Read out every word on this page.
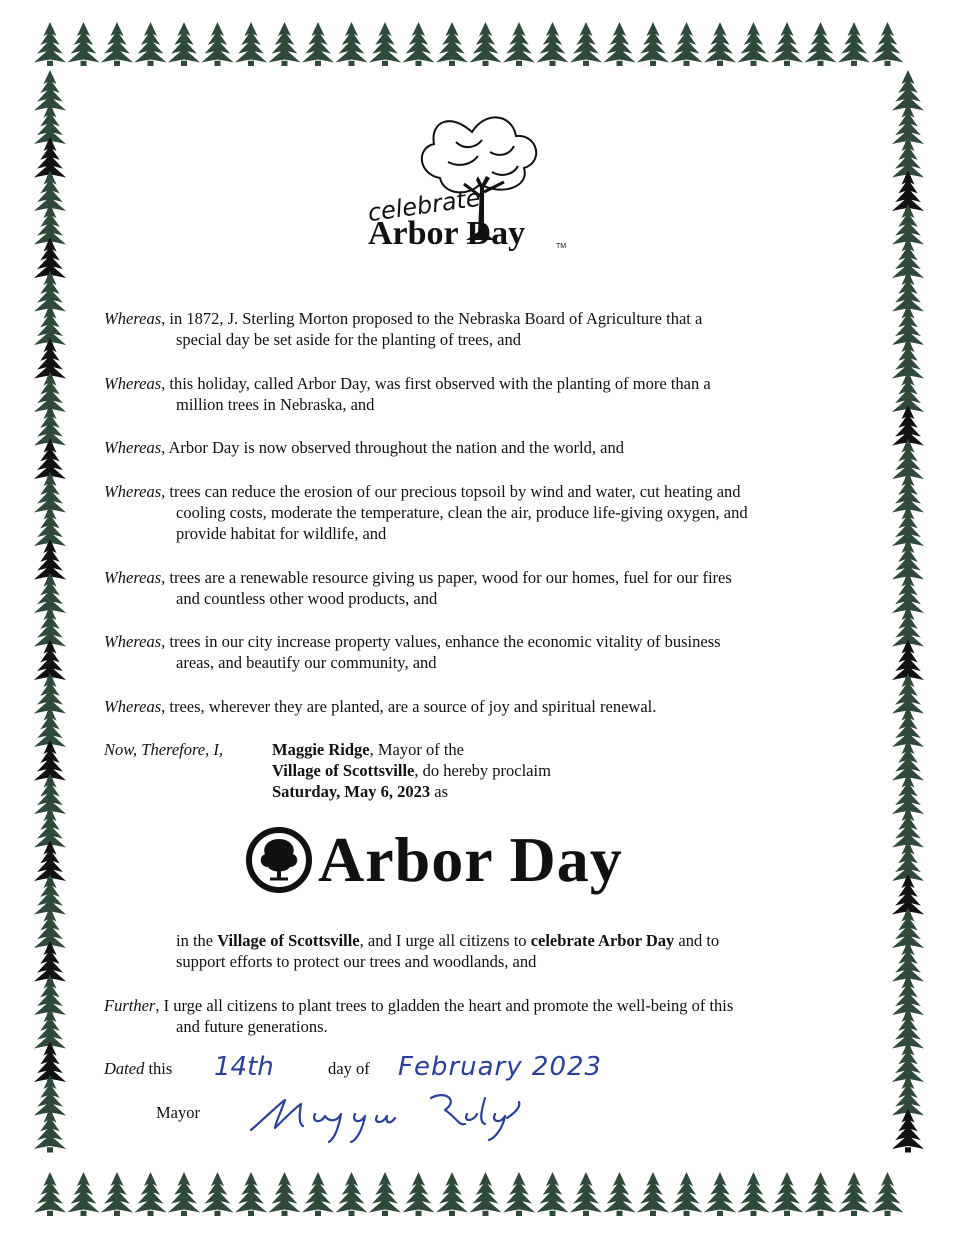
celebrate
Arbor Day	TM
Whereas, in 1872, J. Sterling Morton proposed to the Nebraska Board of Agriculture that a
special day be set aside for the planting of trees, and
Whereas, this holiday, called Arbor Day, was first observed with the planting of more than a
million trees in Nebraska, and
Whereas, Arbor Day is now observed throughout the nation and the world, and
Whereas, trees can reduce the erosion of our precious topsoil by wind and water, cut heating and
cooling costs, moderate the temperature, clean the air, produce life-giving oxygen, and
provide habitat for wildlife, and
Whereas, trees are a renewable resource giving us paper, wood for our homes, fuel for our fires
and countless other wood products, and
Whereas, trees in our city increase property values, enhance the economic vitality of business
areas, and beautify our community, and
Whereas, trees, wherever they are planted, are a source of joy and spiritual renewal.
Now, Therefore, I,	Maggie Ridge, Mayor of the
Village of Scottsville, do hereby proclaim
Saturday, May 6, 2023 as
Arbor Day
in the Village of Scottsville, and I urge all citizens to celebrate Arbor Day and to
support efforts to protect our trees and woodlands, and
Further, I urge all citizens to plant trees to gladden the heart and promote the well-being of this
and future generations.
Dated this 14th	day of February 2023
Mayor
